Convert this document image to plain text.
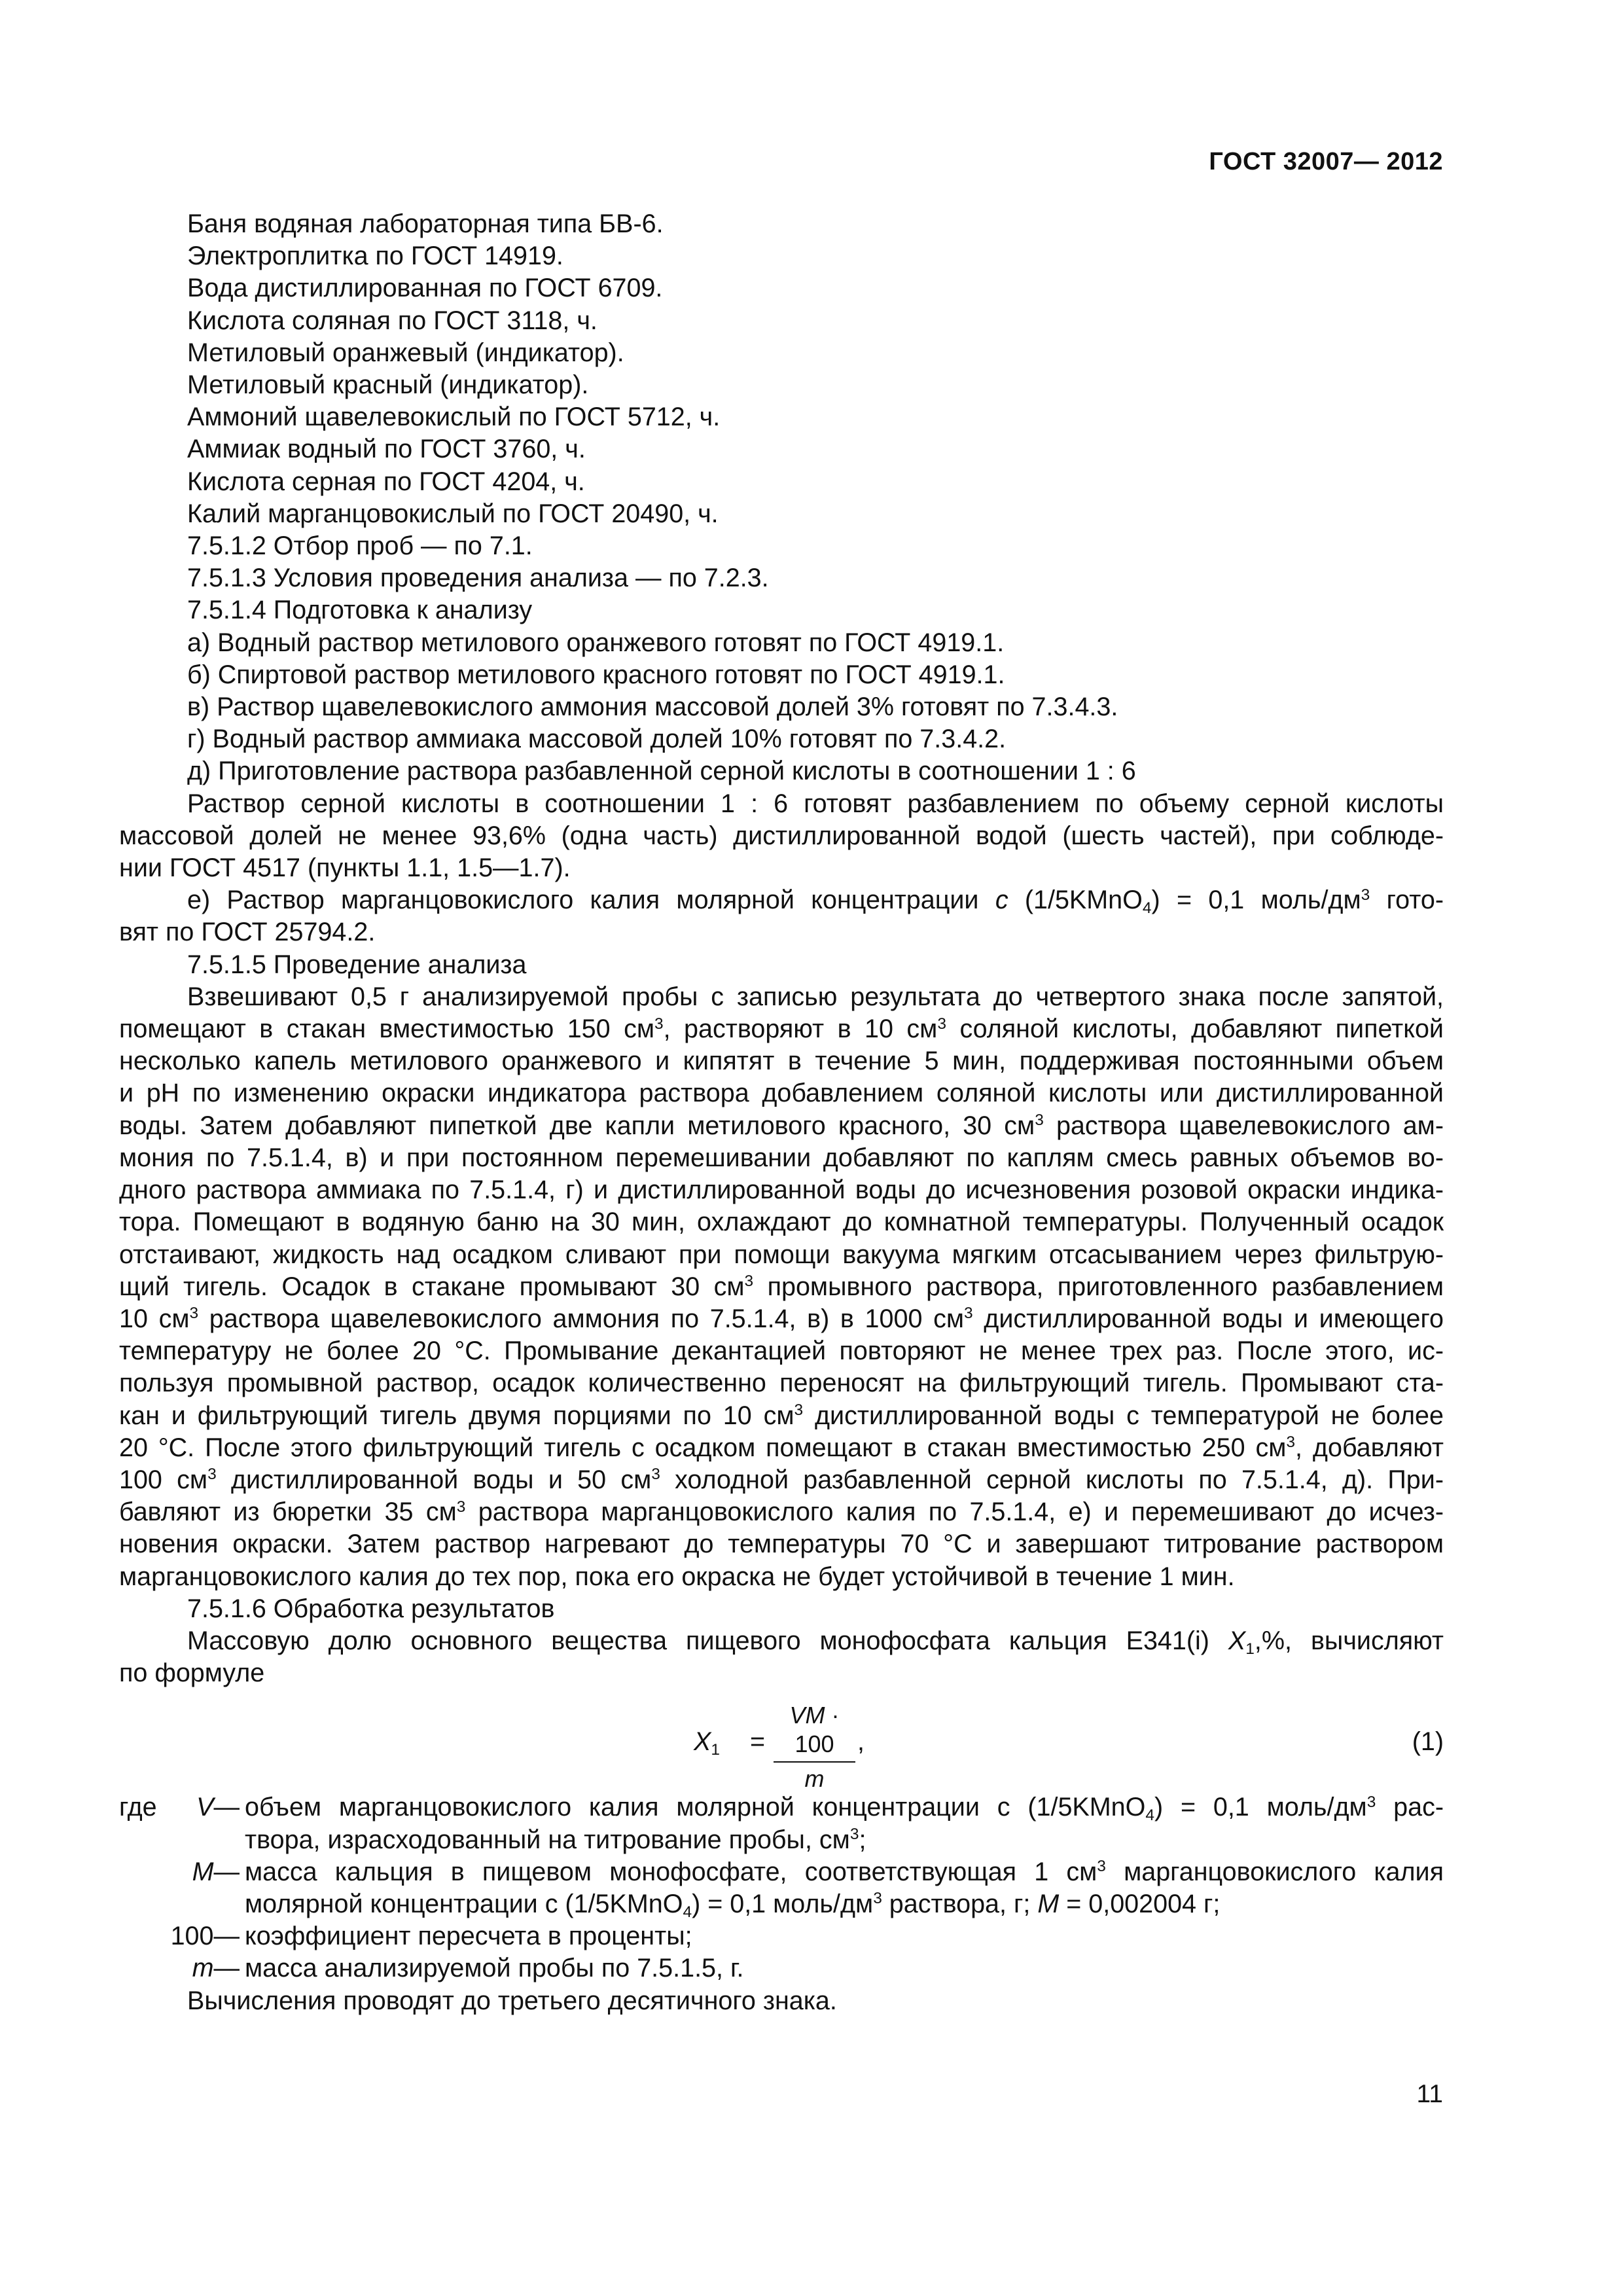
ГОСТ 32007— 2012
Баня водяная лабораторная типа БВ-6.
Электроплитка по ГОСТ 14919.
Вода дистиллированная по ГОСТ 6709.
Кислота соляная по ГОСТ 3118, ч.
Метиловый оранжевый (индикатор).
Метиловый красный (индикатор).
Аммоний щавелевокислый по ГОСТ 5712, ч.
Аммиак водный по ГОСТ 3760, ч.
Кислота серная по ГОСТ 4204, ч.
Калий марганцовокислый по ГОСТ 20490, ч.
7.5.1.2 Отбор проб — по 7.1.
7.5.1.3 Условия проведения анализа — по 7.2.3.
7.5.1.4 Подготовка к анализу
а) Водный раствор метилового оранжевого готовят по ГОСТ 4919.1.
б) Спиртовой раствор метилового красного готовят по ГОСТ 4919.1.
в) Раствор щавелевокислого аммония массовой долей 3% готовят по 7.3.4.3.
г) Водный раствор аммиака массовой долей 10% готовят по 7.3.4.2.
д) Приготовление раствора разбавленной серной кислоты в соотношении 1 : 6
Раствор серной кислоты в соотношении 1 : 6 готовят разбавлением по объему серной кислоты
массовой долей не менее 93,6% (одна часть) дистиллированной водой (шесть частей), при соблюде-
нии ГОСТ 4517 (пункты 1.1, 1.5—1.7).
е) Раствор марганцовокислого калия молярной концентрации c (1/5KMnO$_4$) = 0,1 моль/$дм^3$ гото-
вят по ГОСТ 25794.2.
7.5.1.5 Проведение анализа
Взвешивают 0,5 г анализируемой пробы с записью результата до четвертого знака после запятой,
помещают в стакан вместимостью 150 $см^3$, растворяют в 10 $см^3$ соляной кислоты, добавляют пипеткой
несколько капель метилового оранжевого и кипятят в течение 5 мин, поддерживая постоянными объем
и рН по изменению окраски индикатора раствора добавлением соляной кислоты или дистиллированной
воды. Затем добавляют пипеткой две капли метилового красного, 30 $см^3$ раствора щавелевокислого ам-
мония по 7.5.1.4, в) и при постоянном перемешивании добавляют по каплям смесь равных объемов во-
дного раствора аммиака по 7.5.1.4, г) и дистиллированной воды до исчезновения розовой окраски индика-
тора. Помещают в водяную баню на 30 мин, охлаждают до комнатной температуры. Полученный осадок
отстаивают, жидкость над осадком сливают при помощи вакуума мягким отсасыванием через фильтрую-
щий тигель. Осадок в стакане промывают 30 $см^3$ промывного раствора, приготовленного разбавлением
10 $см^3$ раствора щавелевокислого аммония по 7.5.1.4, в) в 1000 $см^3$ дистиллированной воды и имеющего
температуру не более 20 °С. Промывание декантацией повторяют не менее трех раз. После этого, ис-
пользуя промывной раствор, осадок количественно переносят на фильтрующий тигель. Промывают ста-
кан и фильтрующий тигель двумя порциями по 10 $см^3$ дистиллированной воды с температурой не более
20 °С. После этого фильтрующий тигель с осадком помещают в стакан вместимостью 250 $см^3$, добавляют
100 $см^3$ дистиллированной воды и 50 $см^3$ холодной разбавленной серной кислоты по 7.5.1.4, д). При-
бавляют из бюретки 35 $см^3$ раствора марганцовокислого калия по 7.5.1.4, е) и перемешивают до исчез-
новения окраски. Затем раствор нагревают до температуры 70 °С и завершают титрование раствором
марганцовокислого калия до тех пор, пока его окраска не будет устойчивой в течение 1 мин.
7.5.1.6 Обработка результатов
Массовую долю основного вещества пищевого монофосфата кальция Е341(i) $X_1,\%$, вычисляют
по формуле
$X_1 = \frac{VM \cdot 100}{m}$ ,	(1)
где V — объем марганцовокислого калия молярной концентрации с (1/5KMnO$_4$) = 0,1 моль/$дм^3$ рас-
твора, израсходованный на титрование пробы, $см^3$;
M — масса кальция в пищевом монофосфате, соответствующая 1 $см^3$ марганцовокислого калия
молярной концентрации с (1/5KMnO$_4$) = 0,1 моль/$дм^3$ раствора, г; M = 0,002004 г;
100 — коэффициент пересчета в проценты;
m — масса анализируемой пробы по 7.5.1.5, г.
Вычисления проводят до третьего десятичного знака.
11
